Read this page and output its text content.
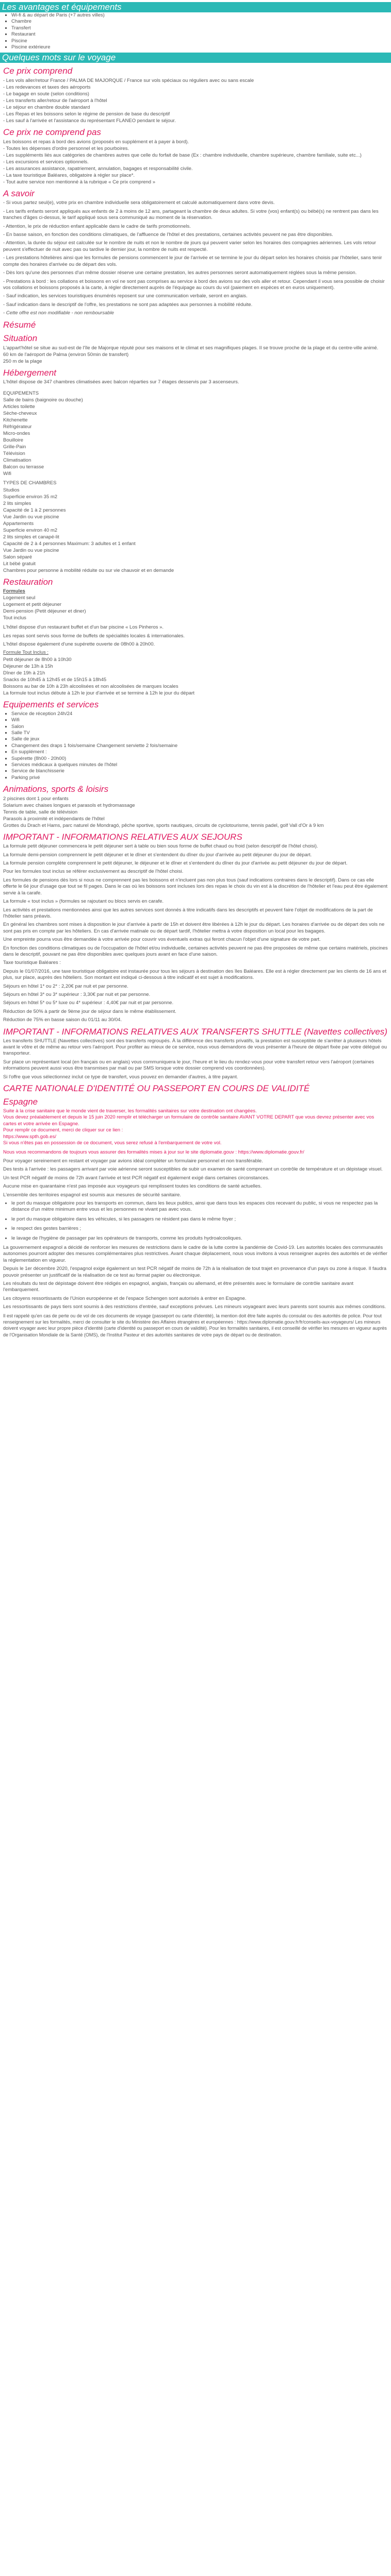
Les avantages et équipements
▪ Wi-fi & au départ de Paris (+7 autres villes)
▪ Chambre
▪ Transfert
▪ Restaurant
▪ Piscine
▪ Piscine extérieure
Quelques mots sur le voyage
Ce prix comprend
- Les vols aller/retour France / PALMA DE MAJORQUE / France sur vols spéciaux ou réguliers avec ou sans escale
- Les redevances et taxes des aéroports
- Le bagage en soute (selon conditions)
- Les transferts aller/retour de l'aéroport à l'hôtel
- Le séjour en chambre double standard
- Les Repas et les boissons selon le régime de pension de base du descriptif
- Les sauf à l'arrivée et l'assistance du représentant FLANEO pendant le séjour.
Ce prix ne comprend pas
Les boissons et repas à bord des avions (proposés en supplément et à payer à bord).
- Toutes les dépenses d'ordre personnel et les pourboires.
- Les suppléments liés aux catégories de chambres autres que celle du forfait de base (Ex : chambre individuelle, chambre supérieure, chambre familiale, suite etc...)
- Les excursions et services optionnels.
- Les assurances assistance, rapatriement, annulation, bagages et responsabilité civile.
- La taxe touristique Baléares, obligatoire à régler sur place*.
- Tout autre service non mentionné à la rubrique « Ce prix comprend »
A savoir

- Si vous partez seul(e), votre prix en chambre individuelle sera obligatoirement et calculé automatiquement dans votre devis.

- Les tarifs enfants seront appliqués aux enfants de 2 à moins de 12 ans, partageant la chambre de deux adultes. Si votre (vos) enfant(s) ou bébé(s) ne rentrent pas dans les tranches d'âges ci-dessus, le tarif appliqué sous sera communiqué au moment de la réservation.

- Attention, le prix de réduction enfant applicable dans le cadre de tarifs promotionnels.

- En basse saison, en fonction des conditions climatiques, de l'affluence de l'hôtel et des prestations, certaines activités peuvent ne pas être disponibles.

- Attention, la durée du séjour est calculée sur le nombre de nuits et non le nombre de jours qui peuvent varier selon les horaires des compagnies aériennes. Les vols retour peuvent s'effectuer de nuit avec pas ou tardive le dernier jour, la nombre de nuits est respecté.

- Les prestations hôtelières ainsi que les formules de pensions commencent le jour de l'arrivée et se termine le jour du départ selon les horaires choisis par l'hôtelier, sans tenir compte des horaires d'arrivée ou de départ des vols.

- Dès lors qu'une des personnes d'un même dossier réserve une certaine prestation, les autres personnes seront automatiquement réglées sous la même pension.

- Prestations à bord : les collations et boissons en vol ne sont pas comprises au service à bord des avions sur des vols aller et retour. Cependant il vous sera possible de choisir vos collations et boissons proposés à la carte, à régler directement auprès de l'équipage au cours du vol (paiement en espèces et en euros uniquement).

- Sauf indication, les services touristiques énumérés reposent sur une communication verbale, seront en anglais.

- Sauf indication dans le descriptif de l'offre, les prestations ne sont pas adaptées aux personnes à mobilité réduite.

- Cette offre est non modifiable - non remboursable

Résumé
Situation
L'appart'hôtel se situe au sud-est de l'île de Majorque réputé pour ses maisons et le climat et ses magnifiques plages. Il se trouve proche de la plage et du centre-ville animé.
60 km de l'aéroport de Palma (environ 50min de transfert)
250 m de la plage
Hébergement

L'hôtel dispose de 347 chambres climatisées avec balcon réparties sur 7 étages desservis par 3 ascenseurs.

EQUIPEMENTS
Salle de bains (baignoire ou douche)
Articles toilette
Sèche-cheveux
Kitchenette
Réfrigérateur
Micro-ondes
Bouilloire
Grille-Pain
Télévision
Climatisation
Balcon ou terrasse
Wifi
TYPES DE CHAMBRES
Studios
Superficie environ 35 m2
2 lits simples
Capacité de 1 à 2 personnes
Vue Jardin ou vue piscine
Appartements
Superficie environ 40 m2
2 lits simples et canapé-lit
Capacité de 2 à 4 personnes Maximum: 3 adultes et 1 enfant
Vue Jardin ou vue piscine
Salon séparé
Lit bébé gratuit
Chambres pour personne à mobilité réduite ou sur vie chauvoir et en demande
Restauration
Formules
Logement seul
Logement et petit déjeuner
Demi-pension (Petit déjeuner et diner)
Tout inclus

L'hôtel dispose d'un restaurant buffet et d'un bar piscine « Los Pinheros ».

Les repas sont servis sous forme de buffets de spécialités locales & internationales.

L'hôtel dispose également d'une supérette ouverte de 08h00 à 20h00.

Formule Tout Inclus :
Petit déjeuner de 8h00 à 10h30
Déjeuner de 13h à 15h
Dîner de 19h à 21h
Snacks de 10h45 à 12h45 et de 15h15 à 18h45
Boissons au bar de 10h à 23h alcoolisées et non alcoolisées de marques locales
La formule tout inclus débute à 12h le jour d'arrivée et se termine à 12h le jour du départ
Equipements et services
▪ Service de réception 24h/24
▪ Wifi
▪ Salon
▪ Salle TV
▪ Salle de jeux
▪ Changement des draps 1 fois/semaine Changement serviette 2 fois/semaine
▪ En supplément :
▪ Supérette (8h00 - 20h00)
▪ Services médicaux à quelques minutes de l'hôtel
▪ Service de blanchisserie
▪ Parking privé
Animations, sports & loisirs
2 piscines dont 1 pour enfants
Solarium avec chaises longues et parasols et hydromassage
Tennis de table, salle de télévision
Parasols à proximité et indépendants de l'hôtel
Grottes du Drach et Hams, parc naturel de Mondragó, pêche sportive, sports nautiques, circuits de cyclotourisme, tennis padel, golf Vall d'Or à 9 km
IMPORTANT - INFORMATIONS RELATIVES AUX SEJOURS

La formule petit déjeuner commencera le petit déjeuner sert à table ou bien sous forme de buffet chaud ou froid (selon descriptif de l'hôtel choisi).

La formule demi-pension comprennent le petit déjeuner et le dîner et s'entendent du dîner du jour d'arrivée au petit déjeuner du jour de départ.

La formule pension complète comprennent le petit déjeuner, le déjeuner et le dîner et s'entendent du dîner du jour d'arrivée au petit déjeuner du jour de départ.

Pour les formules tout inclus se référer exclusivement au descriptif de l'hôtel choisi.

Les formules de pensions dès lors si nous ne comprennent pas les boissons et n'incluent pas non plus tous (sauf indications contraires dans le descriptif). Dans ce cas elle offerte le 6è jour d'usage que tout se fil pages. Dans le cas où les boissons sont incluses lors des repas le choix du vin est à la discrétion de l'hôtelier et l'eau peut être également servie à la carafe.

La formule « tout inclus » (formules se rajoutant ou blocs servis en carafe.

Les activités et prestations mentionnées ainsi que les autres services sont donnés à titre indicatifs dans les descriptifs et peuvent faire l'objet de modifications de la part de l'hôtelier sans préavis.

En général les chambres sont mises à disposition le jour d'arrivée à partir de 15h et doivent être libérées à 12h le jour du départ. Les horaires d'arrivée ou de départ des vols ne sont pas pris en compte par les hôteliers. En cas d'arrivée matinale ou de départ tardif, l'hôtelier mettra à votre disposition un local pour les bagages.

Une empreinte pourra vous être demandée à votre arrivée pour couvrir vos éventuels extras qui feront chacun l'objet d'une signature de votre part.

En fonction des conditions climatiques ou de l'occupation de l'hôtel et/ou individuelle, certaines activités peuvent ne pas être proposées de même que certains matériels, piscines dans le descriptif, pouvant ne pas être disponibles avec quelques jours avant en face d'une saison.

Taxe touristique Baléares :

Depuis le 01/07/2016, une taxe touristique obligatoire est instaurée pour tous les séjours à destination des îles Baléares. Elle est à régler directement par les clients de 16 ans et plus, sur place, auprès des hôteliers. Son montant est indiqué ci-dessous à titre indicatif et est sujet à modifications.

Séjours en hôtel 1* ou 2* : 2,20€ par nuit et par personne.

Séjours en hôtel 3* ou 3* supérieur : 3,30€ par nuit et par personne.

Séjours en hôtel 5* ou 5* luxe ou 4* supérieur : 4,40€ par nuit et par personne.

Réduction de 50% à partir de 9ème jour de séjour dans le même établissement.

Réduction de 75% en basse saison du 01/11 au 30/04.

IMPORTANT - INFORMATIONS RELATIVES AUX TRANSFERTS SHUTTLE (Navettes collectives)

Les transferts SHUTTLE (Navettes collectives) sont des transferts regroupés. À la différence des transferts privatifs, la prestation est susceptible de s'arrêter à plusieurs hôtels avant le vôtre et de même au retour vers l'aéroport. Pour profiter au mieux de ce service, nous vous demandons de vous présenter à l'heure de départ fixée par votre délégué ou transporteur.

Sur place un représentant local (en français ou en anglais) vous communiquera le jour, l'heure et le lieu du rendez-vous pour votre transfert retour vers l'aéroport (certaines informations peuvent aussi vous être transmises par mail ou par SMS lorsque votre dossier comprend vos coordonnées).

Si l'offre que vous sélectionnez inclut ce type de transfert, vous pouvez en demander d'autres, à titre payant.

CARTE NATIONALE D'IDENTITÉ OU PASSEPORT EN COURS DE VALIDITÉ
Espagne
Suite à la crise sanitaire que le monde vient de traverser, les formalités sanitaires sur votre destination ont changées.
Vous devez préalablement et depuis le 15 juin 2020 remplir et télécharger un formulaire de contrôle sanitaire AVANT VOTRE DEPART que vous devrez présenter avec vos cartes et votre arrivée en Espagne.
Pour remplir ce document, merci de cliquer sur ce lien :
https://www.spth.gob.es/
Si vous n'êtes pas en possession de ce document, vous serez refusé à l'embarquement de votre vol.

Nous vous recommandons de toujours vous assurer des formalités mises à jour sur le site diplomatie.gouv : https://www.diplomatie.gouv.fr/

Pour voyager sereinement en restant et voyager par avions idéal compléter un formulaire personnel et non transférable.

Des tests à l'arrivée : les passagers arrivant par voie aérienne seront susceptibles de subir un examen de santé comprenant un contrôle de température et un dépistage visuel.

Un test PCR négatif de moins de 72h avant l'arrivée et test PCR négatif est également exigé dans certaines circonstances.

Aucune mise en quarantaine n'est pas imposée aux voyageurs qui remplissent toutes les conditions de santé actuelles.

L'ensemble des territoires espagnol est soumis aux mesures de sécurité sanitaire.

• le port du masque obligatoire pour les transports en commun, dans les lieux publics, ainsi que dans tous les espaces clos recevant du public, si vous ne respectez pas la distance d'un mètre minimum entre vous et les personnes ne vivant pas avec vous.
• le port du masque obligatoire dans les véhicules, si les passagers ne résident pas dans le même foyer ;
• le respect des gestes barrières ;
• le lavage de l'hygiène de passager par les opérateurs de transports, comme les produits hydroalcooliques.

La gouvernement espagnol a décidé de renforcer les mesures de restrictions dans le cadre de la lutte contre la pandémie de Covid-19. Les autorités locales des communautés autonomes pourront adopter des mesures complémentaires plus restrictives. Avant chaque déplacement, nous vous invitons à vous renseigner auprès des autorités et de vérifier la réglementation en vigueur.

Depuis le 1er décembre 2020, l'espagnol exige également un test PCR négatif de moins de 72h à la réalisation de tout trajet en provenance d'un pays ou zone à risque. Il faudra pouvoir présenter un justificatif de la réalisation de ce test au format papier ou électronique.

Les résultats du test de dépistage doivent être rédigés en espagnol, anglais, français ou allemand, et être présentés avec le formulaire de contrôle sanitaire avant l'embarquement.

Les citoyens ressortissants de l'Union européenne et de l'espace Schengen sont autorisés à entrer en Espagne.

Les ressortissants de pays tiers sont soumis à des restrictions d'entrée, sauf exceptions prévues. Les mineurs voyageant avec leurs parents sont soumis aux mêmes conditions.

Il est rappelé qu'en cas de perte ou de vol de ces documents de voyage (passeport ou carte d'identité), la mention doit être faite auprès du consulat ou des autorités de police. Pour tout renseignement sur les formalités, merci de consulter le site du Ministère des Affaires étrangères et européennes : https://www.diplomatie.gouv.fr/fr/conseils-aux-voyageurs/ Les mineurs doivent voyager avec leur propre pièce d'identité (carte d'identité ou passeport en cours de validité). Pour les formalités sanitaires, il est conseillé de vérifier les mesures en vigueur auprès de l'Organisation Mondiale de la Santé (OMS), de l'Institut Pasteur et des autorités sanitaires de votre pays de départ ou de destination.
